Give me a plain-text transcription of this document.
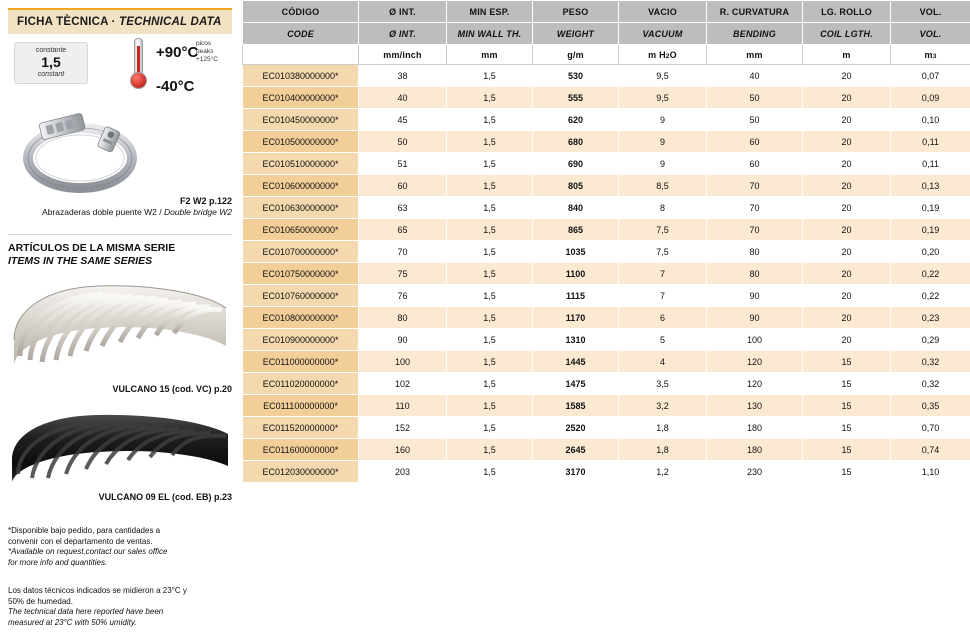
FICHA TÈCNICA · TECHNICAL DATA
constante
1,5
constant
+90°C
-40°C
picos
peaks
+125°C
F2 W2 p.122
Abrazaderas doble puente W2 / Double bridge W2
ARTÍCULOS DE LA MISMA SERIE
ITEMS IN THE SAME SERIES
VULCANO 15 (cod. VC) p.20
VULCANO 09 EL (cod. EB) p.23
*Disponible bajo pedido, para cantidades a
convenir con el departamento de ventas.
*Available on request,contact our sales office
for more info and quantities.
Los datos técnicos indicados se midieron a 23°C y
50% de humedad.
The technical data here reported have been
measured at 23°C with 50% umidity.
CÓDIGO	Ø INT.	MIN ESP.	PESO	VACIO	R. CURVATURA	LG. ROLLO	VOL.
CODE	Ø INT.	MIN WALL TH.	WEIGHT	VACUUM	BENDING	COIL LGTH.	VOL.
	mm/inch	mm	g/m	m H2O	mm	m	m3
EC010380000000*	38	1,5	530	9,5	40	20	0,07
EC010400000000*	40	1,5	555	9,5	50	20	0,09
EC010450000000*	45	1,5	620	9	50	20	0,10
EC010500000000*	50	1,5	680	9	60	20	0,11
EC010510000000*	51	1,5	690	9	60	20	0,11
EC010600000000*	60	1,5	805	8,5	70	20	0,13
EC010630000000*	63	1,5	840	8	70	20	0,19
EC010650000000*	65	1,5	865	7,5	70	20	0,19
EC010700000000*	70	1,5	1035	7,5	80	20	0,20
EC010750000000*	75	1,5	1100	7	80	20	0,22
EC010760000000*	76	1,5	1115	7	90	20	0,22
EC010800000000*	80	1,5	1170	6	90	20	0,23
EC010900000000*	90	1,5	1310	5	100	20	0,29
EC011000000000*	100	1,5	1445	4	120	15	0,32
EC011020000000*	102	1,5	1475	3,5	120	15	0,32
EC011100000000*	110	1,5	1585	3,2	130	15	0,35
EC011520000000*	152	1,5	2520	1,8	180	15	0,70
EC011600000000*	160	1,5	2645	1,8	180	15	0,74
EC012030000000*	203	1,5	3170	1,2	230	15	1,10
